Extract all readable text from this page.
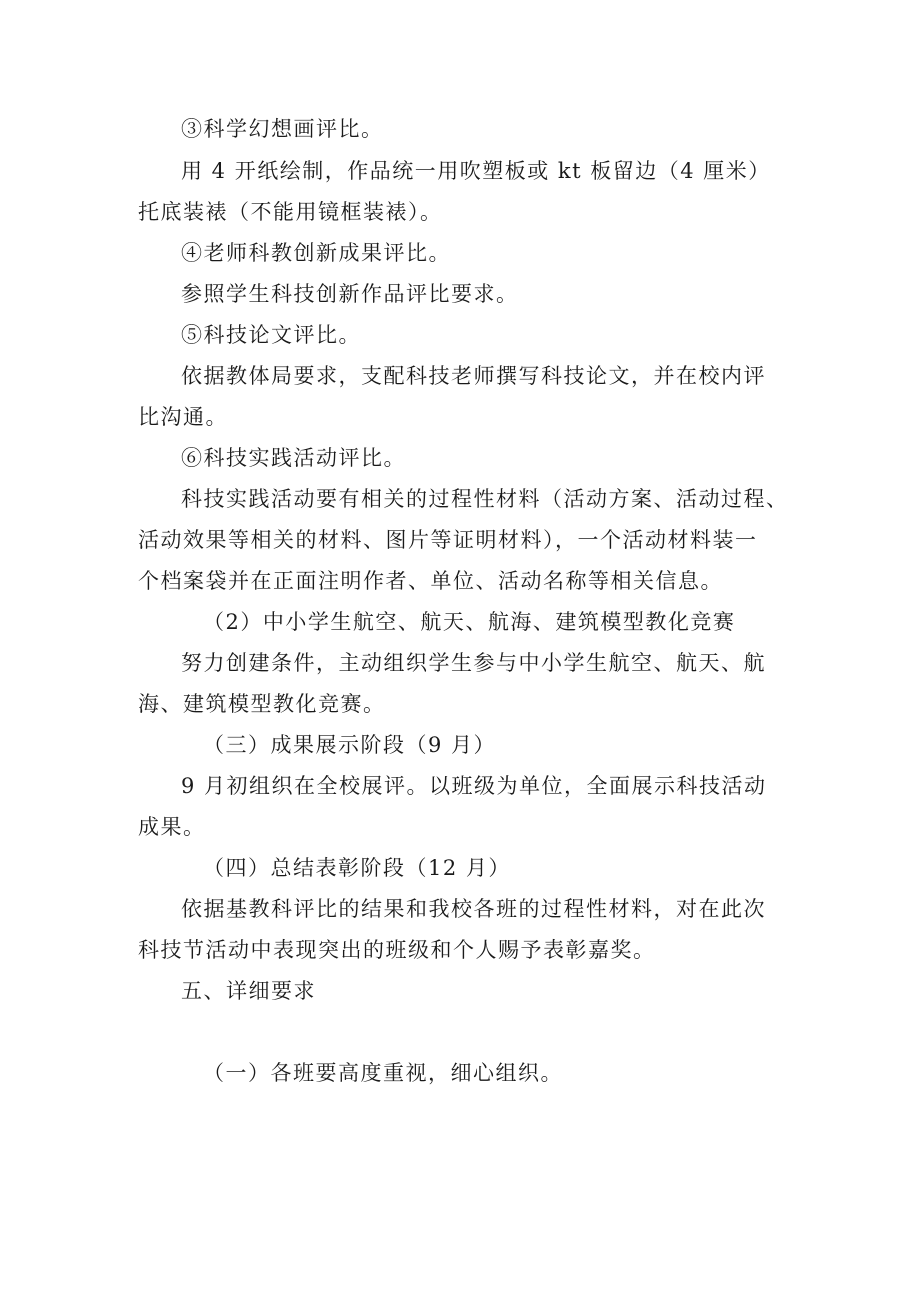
③科学幻想画评比。
用 4 开纸绘制，作品统一用吹塑板或 kt 板留边（4 厘米）
托底装裱（不能用镜框装裱）。
④老师科教创新成果评比。
参照学生科技创新作品评比要求。
⑤科技论文评比。
依据教体局要求，支配科技老师撰写科技论文，并在校内评
比沟通。
⑥科技实践活动评比。
科技实践活动要有相关的过程性材料（活动方案、活动过程、
活动效果等相关的材料、图片等证明材料），一个活动材料装一
个档案袋并在正面注明作者、单位、活动名称等相关信息。
（2）中小学生航空、航天、航海、建筑模型教化竞赛
努力创建条件，主动组织学生参与中小学生航空、航天、航
海、建筑模型教化竞赛。
（三）成果展示阶段（9 月）
9 月初组织在全校展评。以班级为单位，全面展示科技活动
成果。
（四）总结表彰阶段（12 月）
依据基教科评比的结果和我校各班的过程性材料，对在此次
科技节活动中表现突出的班级和个人赐予表彰嘉奖。
五、详细要求
（一）各班要高度重视，细心组织。
